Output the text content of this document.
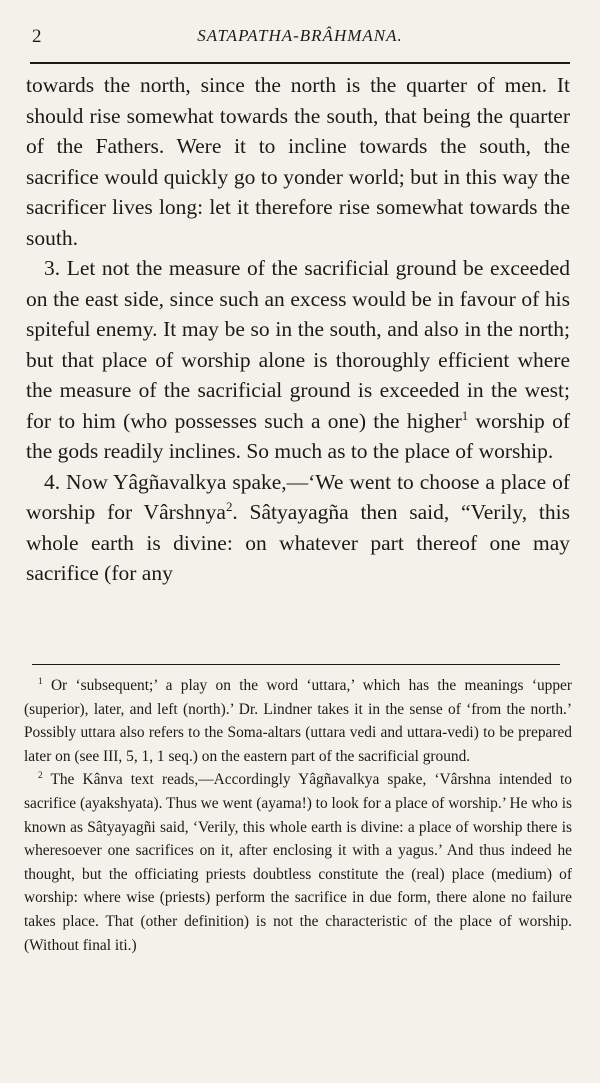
2	SATAPATHA-BRÂHMANA.

towards the north, since the north is the quarter of men. It should rise somewhat towards the south, that being the quarter of the Fathers. Were it to incline towards the south, the sacrifice would quickly go to yonder world; but in this way the sacrificer lives long: let it therefore rise somewhat towards the south.

3. Let not the measure of the sacrificial ground be exceeded on the east side, since such an excess would be in favour of his spiteful enemy. It may be so in the south, and also in the north; but that place of worship alone is thoroughly efficient where the measure of the sacrificial ground is exceeded in the west; for to him (who possesses such a one) the higher$^1$ worship of the gods readily inclines. So much as to the place of worship.

4. Now Yâgñavalkya spake,—‘We went to choose a place of worship for Vârshnya$^2$. Sâtyayagña then said, “Verily, this whole earth is divine: on whatever part thereof one may sacrifice (for any

$^1$ Or ‘subsequent;’ a play on the word ‘uttara,’ which has the meanings ‘upper (superior), later, and left (north).’ Dr. Lindner takes it in the sense of ‘from the north.’ Possibly uttara also refers to the Soma-altars (uttara vedi and uttara-vedi) to be prepared later on (see III, 5, 1, 1 seq.) on the eastern part of the sacrificial ground.

$^2$ The Kânva text reads,—Accordingly Yâgñavalkya spake, ‘Vârshna intended to sacrifice (ayakshyata). Thus we went (ayama!) to look for a place of worship.’ He who is known as Sâtyayagñi said, ‘Verily, this whole earth is divine: a place of worship there is wheresoever one sacrifices on it, after enclosing it with a yagus.’ And thus indeed he thought, but the officiating priests doubtless constitute the (real) place (medium) of worship: where wise (priests) perform the sacrifice in due form, there alone no failure takes place. That (other definition) is not the characteristic of the place of worship. (Without final iti.)
